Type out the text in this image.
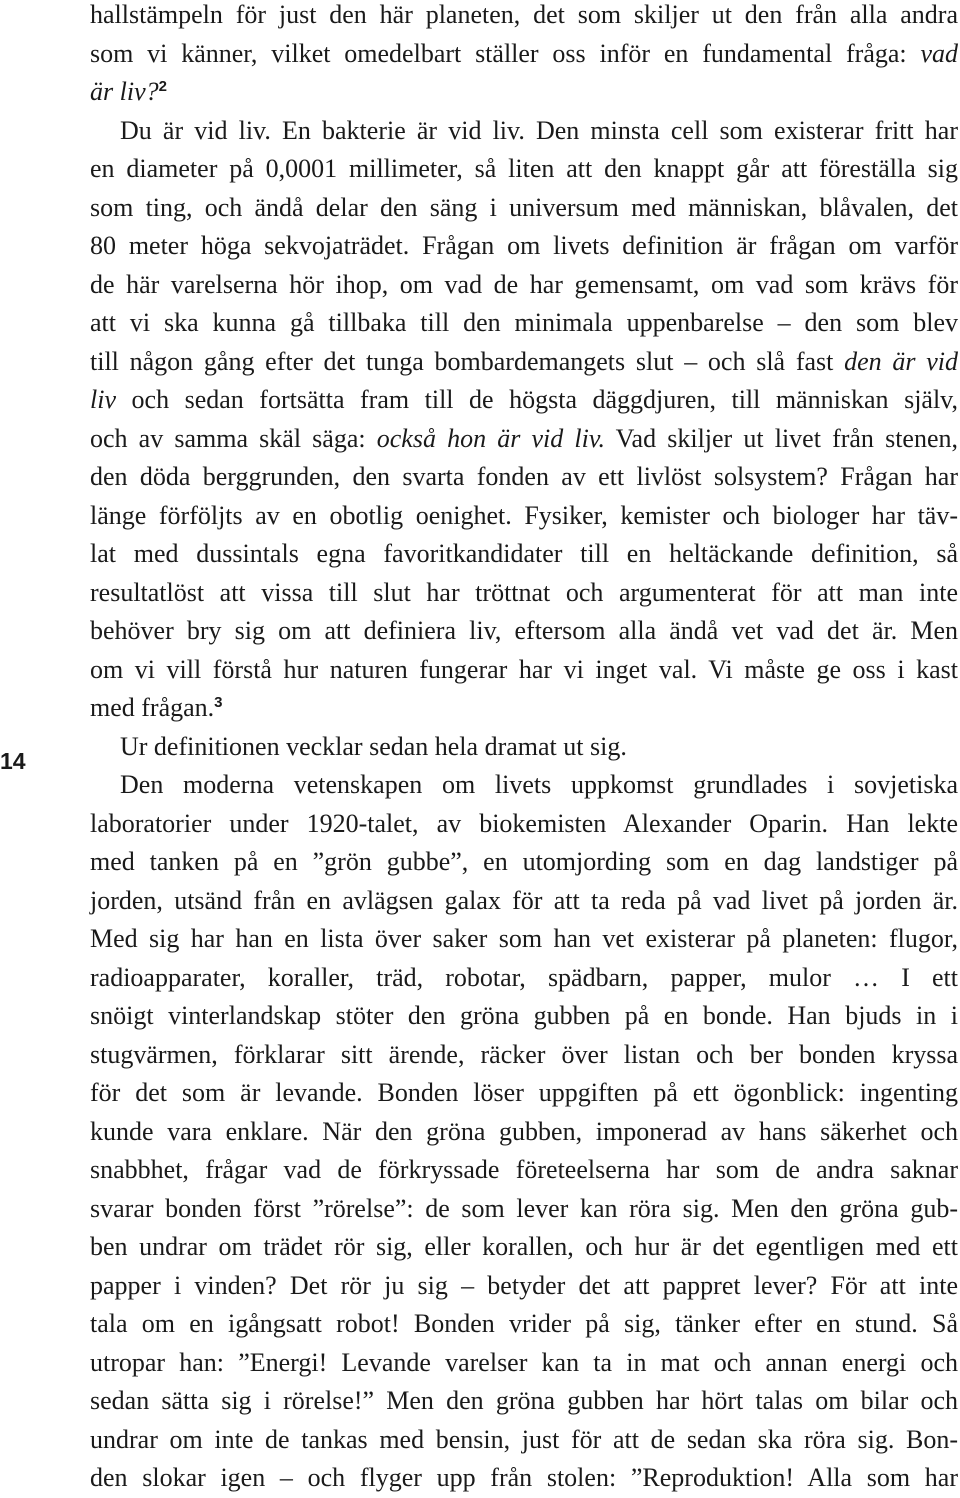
14
hallstämpeln för just den här planeten, det som skiljer ut den från alla andra
som vi känner, vilket omedelbart ställer oss inför en fundamental fråga: vad
är liv?$^2$
Du är vid liv. En bakterie är vid liv. Den minsta cell som existerar fritt har
en diameter på 0,0001 millimeter, så liten att den knappt går att föreställa sig
som ting, och ändå delar den säng i universum med människan, blåvalen, det
80 meter höga sekvojaträdet. Frågan om livets definition är frågan om varför
de här varelserna hör ihop, om vad de har gemensamt, om vad som krävs för
att vi ska kunna gå tillbaka till den minimala uppenbarelse – den som blev
till någon gång efter det tunga bombardemangets slut – och slå fast den är vid
liv och sedan fortsätta fram till de högsta däggdjuren, till människan själv,
och av samma skäl säga: också hon är vid liv. Vad skiljer ut livet från stenen,
den döda berggrunden, den svarta fonden av ett livlöst solsystem? Frågan har
länge förföljts av en obotlig oenighet. Fysiker, kemister och biologer har täv-
lat med dussintals egna favoritkandidater till en heltäckande definition, så
resultatlöst att vissa till slut har tröttnat och argumenterat för att man inte
behöver bry sig om att definiera liv, eftersom alla ändå vet vad det är. Men
om vi vill förstå hur naturen fungerar har vi inget val. Vi måste ge oss i kast
med frågan.$^3$
Ur definitionen vecklar sedan hela dramat ut sig.
Den moderna vetenskapen om livets uppkomst grundlades i sovjetiska
laboratorier under 1920-talet, av biokemisten Alexander Oparin. Han lekte
med tanken på en ”grön gubbe”, en utomjording som en dag landstiger på
jorden, utsänd från en avlägsen galax för att ta reda på vad livet på jorden är.
Med sig har han en lista över saker som han vet existerar på planeten: flugor,
radioapparater, koraller, träd, robotar, spädbarn, papper, mulor … I ett
snöigt vinterlandskap stöter den gröna gubben på en bonde. Han bjuds in i
stugvärmen, förklarar sitt ärende, räcker över listan och ber bonden kryssa
för det som är levande. Bonden löser uppgiften på ett ögonblick: ingenting
kunde vara enklare. När den gröna gubben, imponerad av hans säkerhet och
snabbhet, frågar vad de förkryssade företeelserna har som de andra saknar
svarar bonden först ”rörelse”: de som lever kan röra sig. Men den gröna gub-
ben undrar om trädet rör sig, eller korallen, och hur är det egentligen med ett
papper i vinden? Det rör ju sig – betyder det att pappret lever? För att inte
tala om en igångsatt robot! Bonden vrider på sig, tänker efter en stund. Så
utropar han: ”Energi! Levande varelser kan ta in mat och annan energi och
sedan sätta sig i rörelse!” Men den gröna gubben har hört talas om bilar och
undrar om inte de tankas med bensin, just för att de sedan ska röra sig. Bon-
den slokar igen – och flyger upp från stolen: ”Reproduktion! Alla som har
